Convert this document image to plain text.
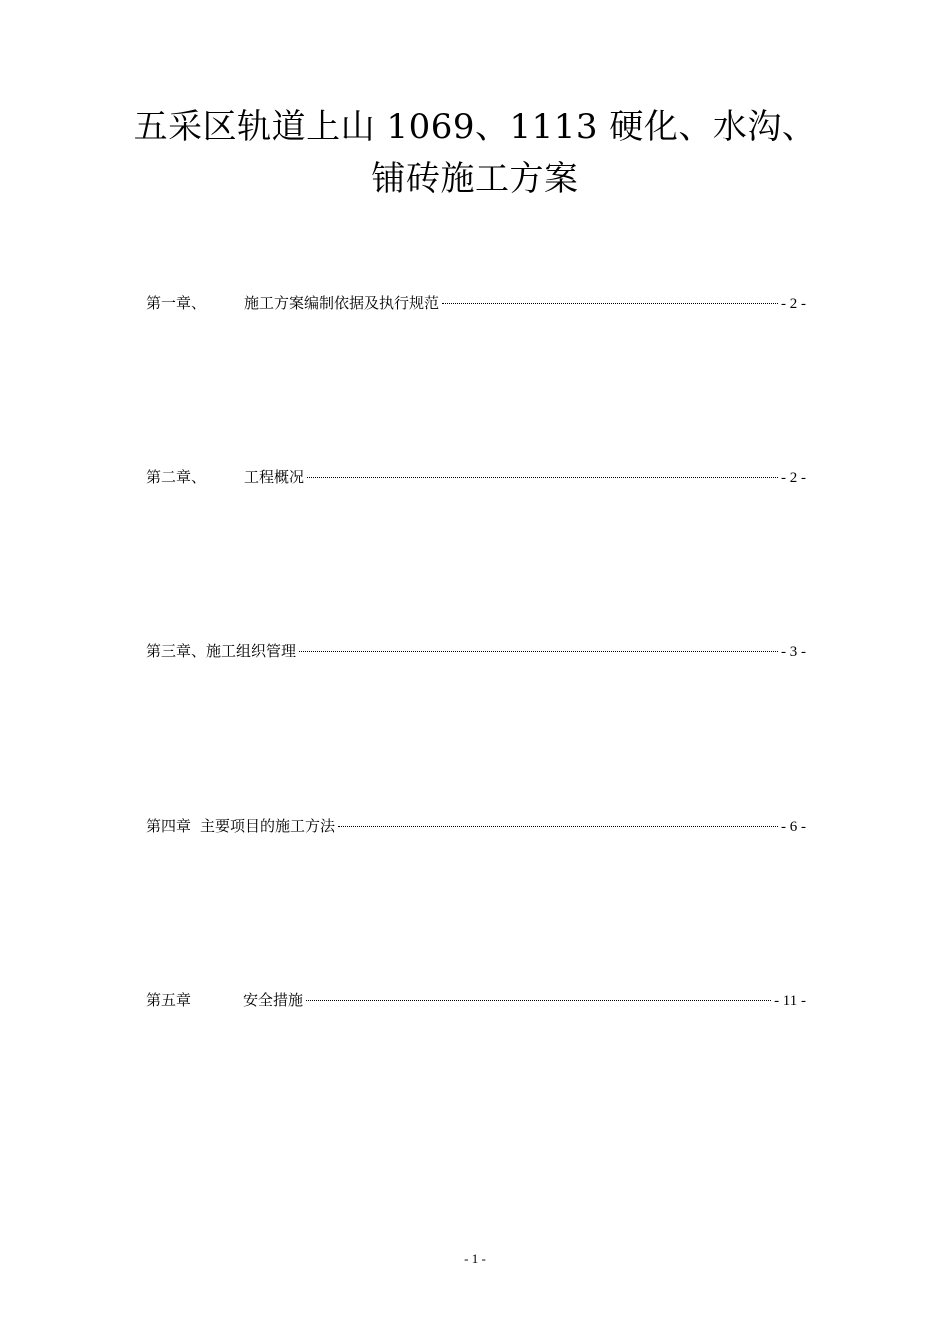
五采区轨道上山 1069、1113 硬化、水沟、
铺砖施工方案
第一章、	施工方案编制依据及执行规范	- 2 -
第二章、	工程概况	- 2 -
第三章、 施工组织管理	- 3 -
第四章 主要项目的施工方法	- 6 -
第五章	安全措施	- 11 -
- 1 -
